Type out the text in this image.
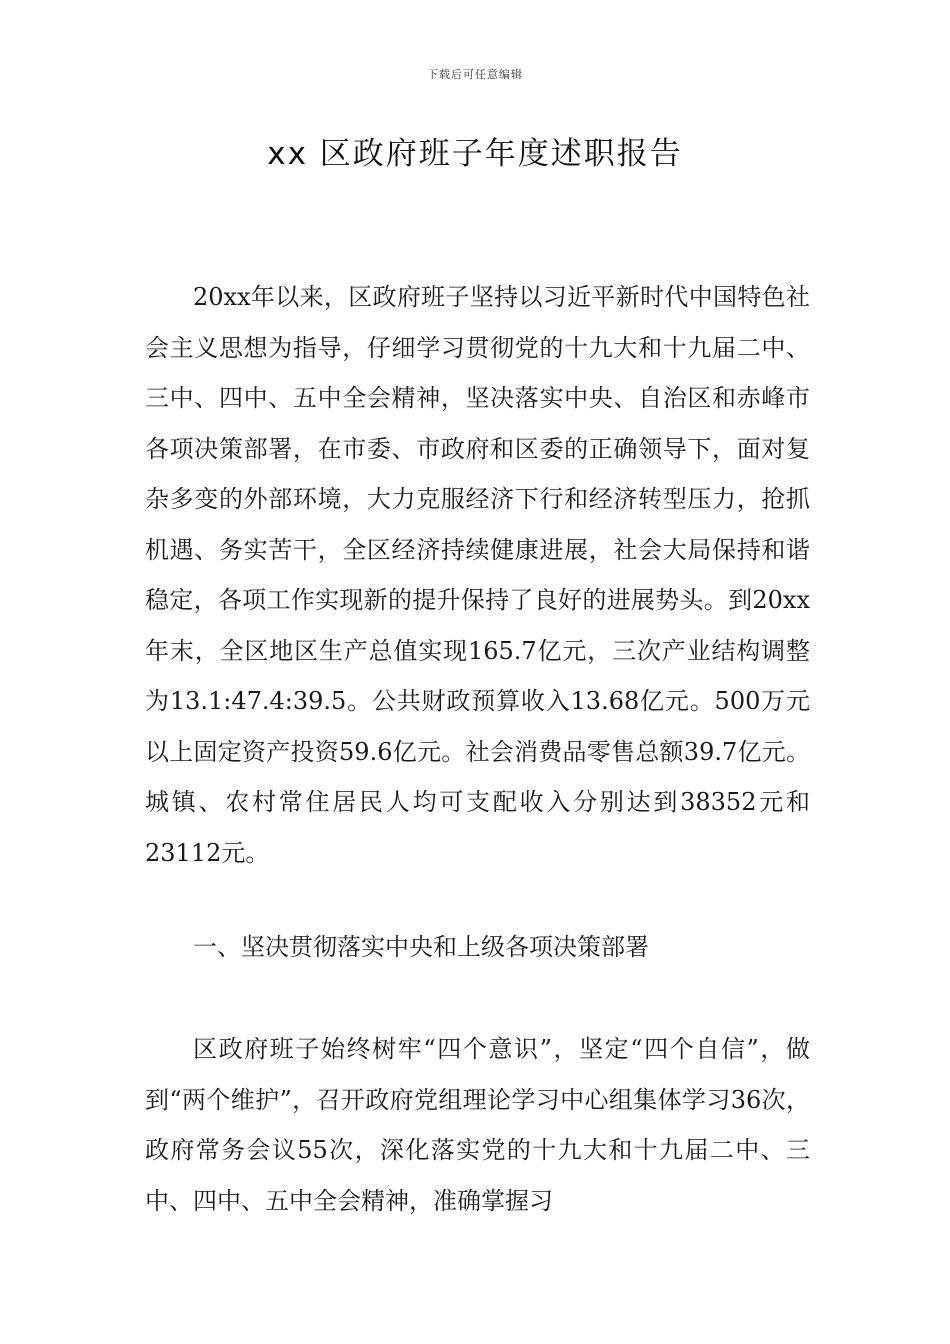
下载后可任意编辑
xx 区政府班子年度述职报告

20xx年以来，区政府班子坚持以习近平新时代中国特色社会主义思想为指导，仔细学习贯彻党的十九大和十九届二中、三中、四中、五中全会精神，坚决落实中央、自治区和赤峰市各项决策部署，在市委、市政府和区委的正确领导下，面对复杂多变的外部环境，大力克服经济下行和经济转型压力，抢抓机遇、务实苦干，全区经济持续健康进展，社会大局保持和谐稳定，各项工作实现新的提升保持了良好的进展势头。到20xx年末，全区地区生产总值实现165.7亿元，三次产业结构调整为13.1:47.4:39.5。公共财政预算收入13.68亿元。500万元以上固定资产投资59.6亿元。社会消费品零售总额39.7亿元。城镇、农村常住居民人均可支配收入分别达到38352元和23112元。

一、坚决贯彻落实中央和上级各项决策部署

区政府班子始终树牢“四个意识”，坚定“四个自信”，做到“两个维护”，召开政府党组理论学习中心组集体学习36次，政府常务会议55次，深化落实党的十九大和十九届二中、三中、四中、五中全会精神，准确掌握习
